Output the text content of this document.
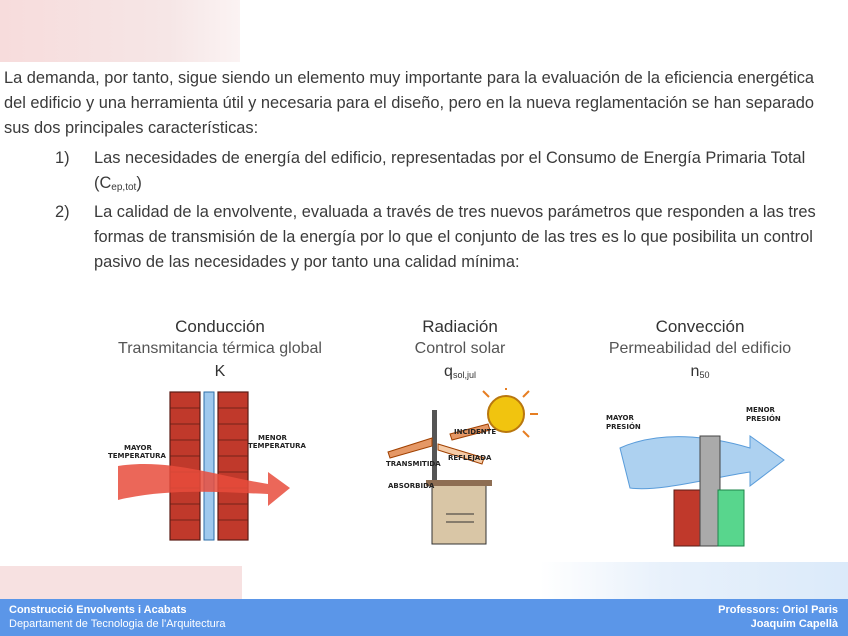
La demanda, por tanto, sigue siendo un elemento muy importante para la evaluación de la eficiencia energética del edificio y una herramienta útil y necesaria para el diseño, pero en la nueva reglamentación se han separado sus dos principales características:

1) Las necesidades de energía del edificio, representadas por el Consumo de Energía Primaria Total $(C_{ep,tot})$

2) La calidad de la envolvente, evaluada a través de tres nuevos parámetros que responden a las tres formas de transmisión de la energía por lo que el conjunto de las tres es lo que posibilita un control pasivo de las necesidades y por tanto una calidad mínima:

Conducción
Transmitancia térmica global
K
MAYOR
TEMPERATURA
MENOR
TEMPERATURA
Radiación
Control solar
$q_{sol,jul}$
INCIDENTE
TRANSMITIDA
REFLEJADA
ABSORBIDA
Convección
Permeabilidad del edificio
$n_{50}$
MAYOR
PRESIÓN
MENOR
PRESIÓN
Construcció Envolvents i Acabats
Departament de Tecnologia de l'Arquitectura
Professors: Oriol Paris
Joaquim Capellà
